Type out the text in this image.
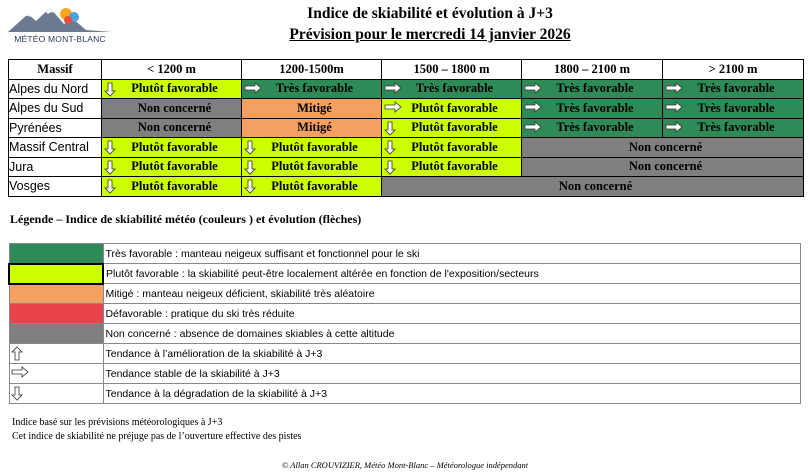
MÉTÉO MONT-BLANC
Indice de skiabilité et évolution à J+3
Prévision pour le mercredi 14 janvier 2026
Massif	< 1200 m	1200-1500m	1500 – 1800 m	1800 – 2100 m	> 2100 m
Alpes du Nord	Plutôt favorable	Très favorable	Très favorable	Très favorable	Très favorable
Alpes du Sud	Non concerné	Mitigé	Plutôt favorable	Très favorable	Très favorable
Pyrénées	Non concerné	Mitigé	Plutôt favorable	Très favorable	Très favorable
Massif Central	Plutôt favorable	Plutôt favorable	Plutôt favorable	Non concerné	
Jura	Plutôt favorable	Plutôt favorable	Plutôt favorable	Non concerné	
Vosges	Plutôt favorable	Plutôt favorable	Non concerné		
Légende – Indice de skiabilité météo (couleurs ) et évolution (flèches)
	Très favorable : manteau neigeux suffisant et fonctionnel pour le ski
	Plutôt favorable : la skiabilité peut-être localement altérée en fonction de l'exposition/secteurs
	Mitigé : manteau neigeux déficient, skiabilité très aléatoire
	Défavorable : pratique du ski très réduite
	Non concerné : absence de domaines skiables à cette altitude

	Tendance à l’amélioration de la skiabilité à J+3

	Tendance stable de la skiabilité à J+3

	Tendance à la dégradation de la skiabilité à J+3
Indice basé sur les prévisions météorologiques à J+3
Cet indice de skiabilité ne préjuge pas de l’ouverture effective des pistes
© Allan CROUVIZIER, Météo Mont-Blanc – Météorologue indépendant
